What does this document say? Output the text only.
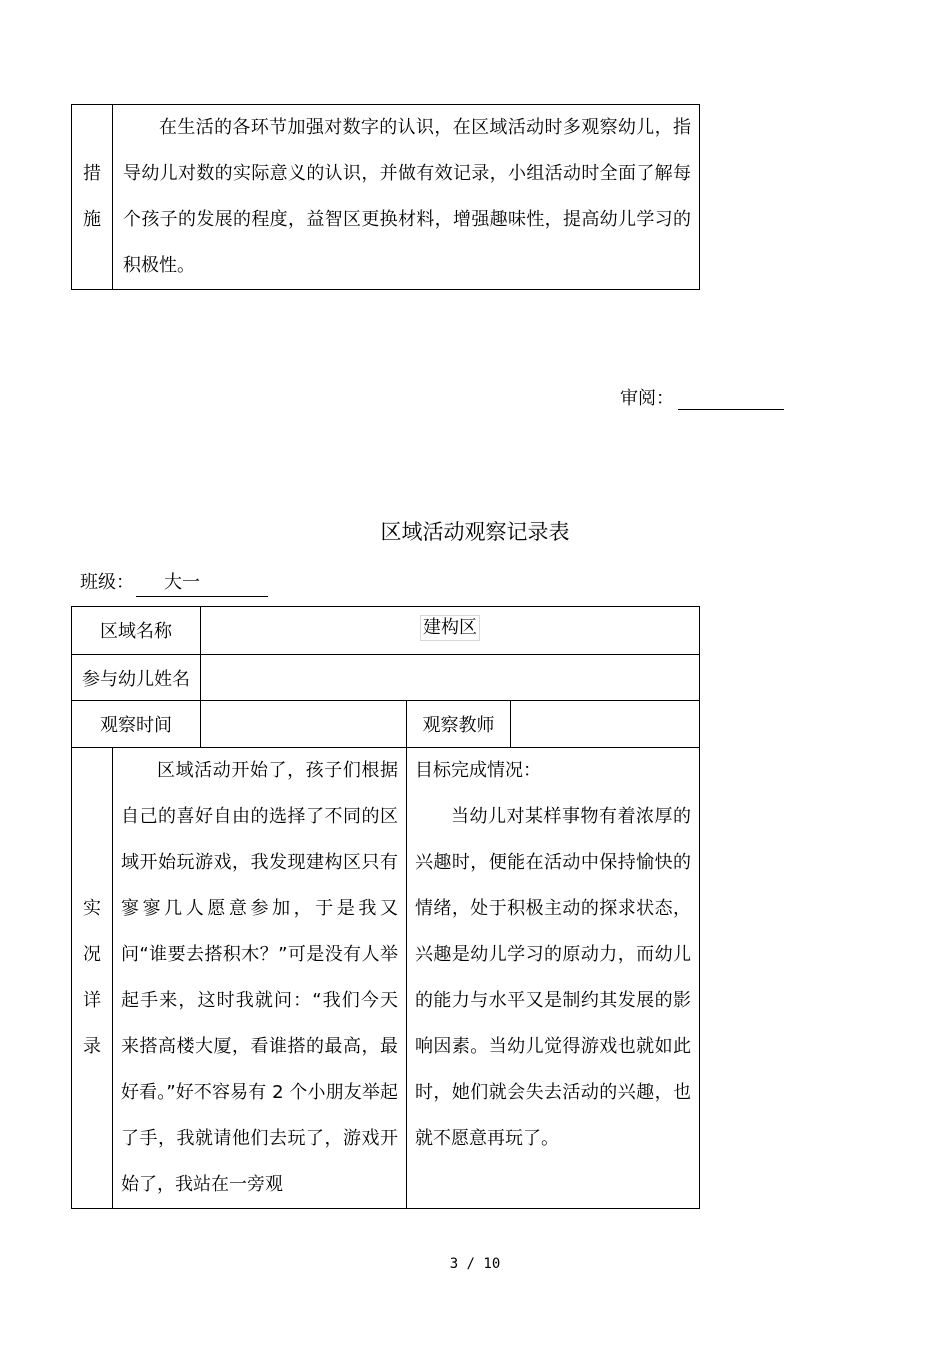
措施

在生活的各环节加强对数字的认识，在区域活动时多观察幼儿，指导幼儿对数的实际意义的认识，并做有效记录，小组活动时全面了解每个孩子的发展的程度，益智区更换材料，增强趣味性，提高幼儿学习的积极性。
审阅：
区域活动观察记录表
班级： 大一
区域名称		建构区		
参与幼儿姓名				
观察时间			观察教师	

实况详录	区域活动开始了，孩子们根据自己的喜好自由的选择了不同的区域开始玩游戏，我发现建构区只有寥寥几人愿意参加，于是我又问“谁要去搭积木？”可是没有人举起手来，这时我就问：“我们今天来搭高楼大厦，看谁搭的最高，最好看。”好不容易有 2 个小朋友举起了手，我就请他们去玩了，游戏开始了，我站在一旁观		目标完成情况：
当幼儿对某样事物有着浓厚的兴趣时，便能在活动中保持愉快的情绪，处于积极主动的探求状态，兴趣是幼儿学习的原动力，而幼儿的能力与水平又是制约其发展的影响因素。当幼儿觉得游戏也就如此时，她们就会失去活动的兴趣，也就不愿意再玩了。	
3 / 10
